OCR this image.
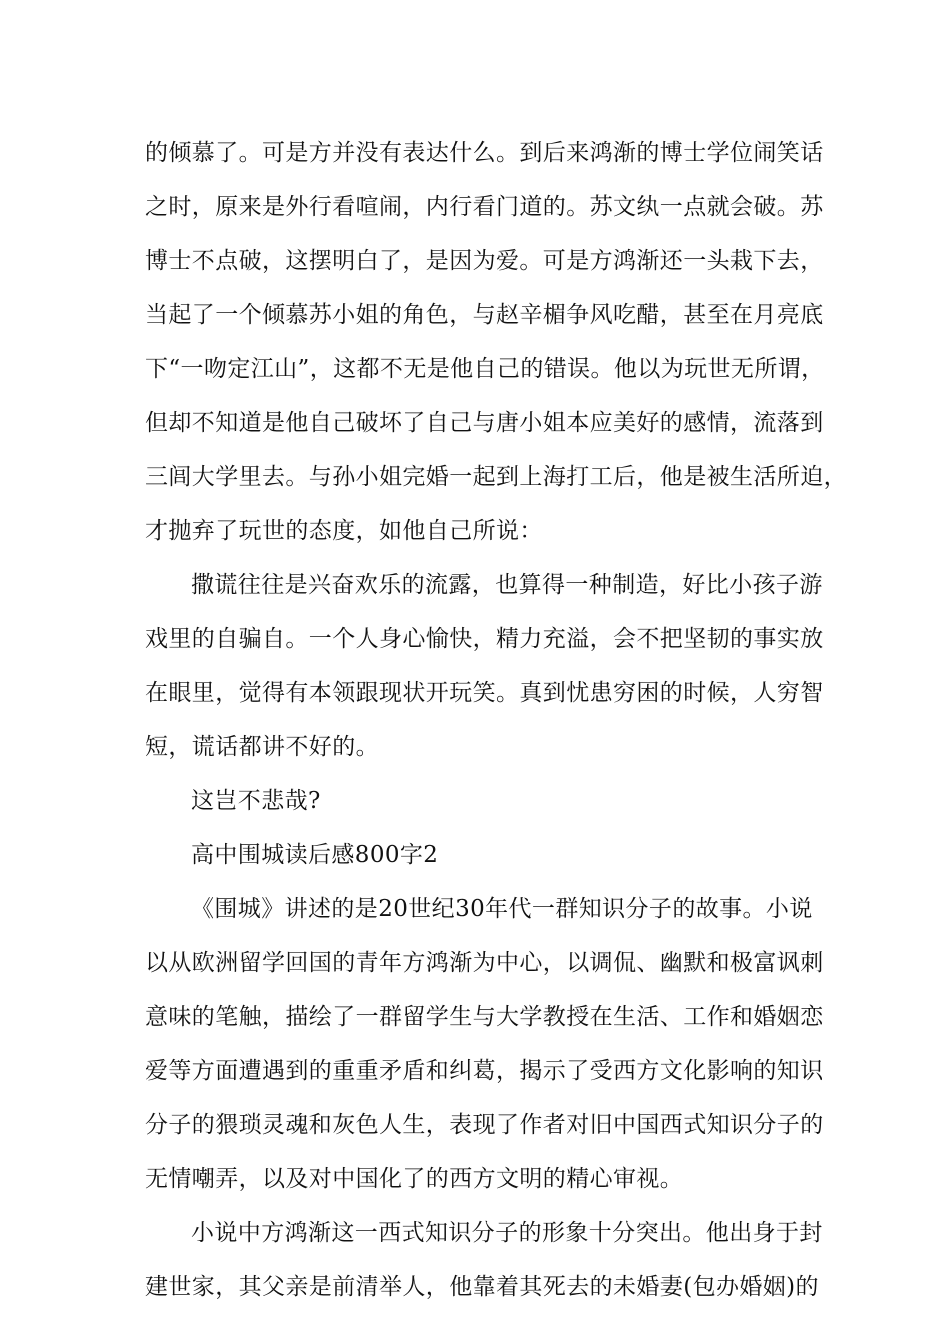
的倾慕了。可是方并没有表达什么。到后来鸿渐的博士学位闹笑话
之时，原来是外行看喧闹，内行看门道的。苏文纨一点就会破。苏
博士不点破，这摆明白了，是因为爱。可是方鸿渐还一头栽下去，
当起了一个倾慕苏小姐的角色，与赵辛楣争风吃醋，甚至在月亮底
下“一吻定江山”，这都不无是他自己的错误。他以为玩世无所谓，
但却不知道是他自己破坏了自己与唐小姐本应美好的感情，流落到
三闾大学里去。与孙小姐完婚一起到上海打工后，他是被生活所迫，
才抛弃了玩世的态度，如他自己所说：
撒谎往往是兴奋欢乐的流露，也算得一种制造，好比小孩子游
戏里的自骗自。一个人身心愉快，精力充溢，会不把坚韧的事实放
在眼里，觉得有本领跟现状开玩笑。真到忧患穷困的时候，人穷智
短，谎话都讲不好的。
这岂不悲哉?
高中围城读后感800字2
《围城》讲述的是20世纪30年代一群知识分子的故事。小说
以从欧洲留学回国的青年方鸿渐为中心，以调侃、幽默和极富讽刺
意味的笔触，描绘了一群留学生与大学教授在生活、工作和婚姻恋
爱等方面遭遇到的重重矛盾和纠葛，揭示了受西方文化影响的知识
分子的猥琐灵魂和灰色人生，表现了作者对旧中国西式知识分子的
无情嘲弄，以及对中国化了的西方文明的精心审视。
小说中方鸿渐这一西式知识分子的形象十分突出。他出身于封
建世家，其父亲是前清举人，他靠着其死去的未婚妻(包办婚姻)的
